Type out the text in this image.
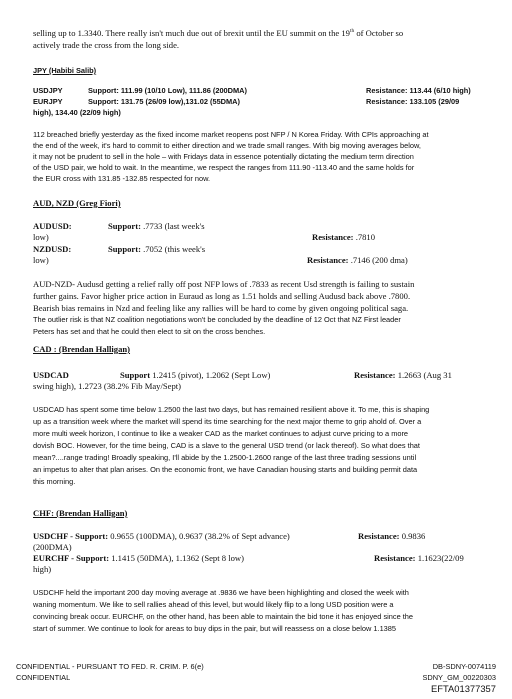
selling up to 1.3340. There really isn't much due out of brexit until the EU summit on the 19th of October so
actively trade the cross from the long side.
JPY (Habibi Salib)
USDJPY	Support: 111.99 (10/10 Low), 111.86 (200DMA)	Resistance: 113.44 (6/10 high)
EURJPY	Support: 131.75 (26/09 low),131.02 (55DMA)	Resistance: 133.105 (29/09
high), 134.40 (22/09 high)
112 breached briefly yesterday as the fixed income market reopens post NFP / N Korea Friday. With CPIs approaching at
the end of the week, it's hard to commit to either direction and we trade small ranges. With big moving averages below,
it may not be prudent to sell in the hole – with Fridays data in essence potentially dictating the medium term direction
of the USD pair, we hold to wait. In the meantime, we respect the ranges from 111.90 -113.40 and the same holds for
the EUR cross with 131.85 -132.85 respected for now.
AUD, NZD (Greg Fiori)
AUDUSD:	Support: .7733 (last week's
low)	Resistance: .7810
NZDUSD:	Support: .7052 (this week's
low)	Resistance: .7146 (200 dma)
AUD-NZD- Audusd getting a relief rally off post NFP lows of .7833 as recent Usd strength is failing to sustain
further gains. Favor higher price action in Euraud as long as 1.51 holds and selling Audusd back above .7800.
Bearish bias remains in Nzd and feeling like any rallies will be hard to come by given ongoing political saga.
The outlier risk is that NZ coalition negotiations won't be concluded by the deadline of 12 Oct that NZ First leader
Peters has set and that he could then elect to sit on the cross benches.
CAD : (Brendan Halligan)
USDCAD	Support 1.2415 (pivot), 1.2062 (Sept Low)	Resistance: 1.2663 (Aug 31
swing high), 1.2723 (38.2% Fib May/Sept)
USDCAD has spent some time below 1.2500 the last two days, but has remained resilient above it. To me, this is shaping
up as a transition week where the market will spend its time searching for the next major theme to grip ahold of. Over a
more multi week horizon, I continue to like a weaker CAD as the market continues to adjust curve pricing to a more
dovish BOC. However, for the time being, CAD is a slave to the general USD trend (or lack thereof). So what does that
mean?....range trading! Broadly speaking, I'll abide by the 1.2500-1.2600 range of the last three trading sessions until
an impetus to alter that plan arises. On the economic front, we have Canadian housing starts and building permit data
this morning.
CHF: (Brendan Halligan)
USDCHF - Support: 0.9655 (100DMA), 0.9637 (38.2% of Sept advance)	Resistance: 0.9836
(200DMA)
EURCHF - Support: 1.1415 (50DMA), 1.1362 (Sept 8 low)	Resistance: 1.1623(22/09
high)
USDCHF held the important 200 day moving average at .9836 we have been highlighting and closed the week with
waning momentum. We like to sell rallies ahead of this level, but would likely flip to a long USD position were a
convincing break occur. EURCHF, on the other hand, has been able to maintain the bid tone it has enjoyed since the
start of summer. We continue to look for areas to buy dips in the pair, but will reassess on a close below 1.1385
CONFIDENTIAL - PURSUANT TO FED. R. CRIM. P. 6(e)
CONFIDENTIAL
DB-SDNY-0074119
SDNY_GM_00220303
EFTA01377357
